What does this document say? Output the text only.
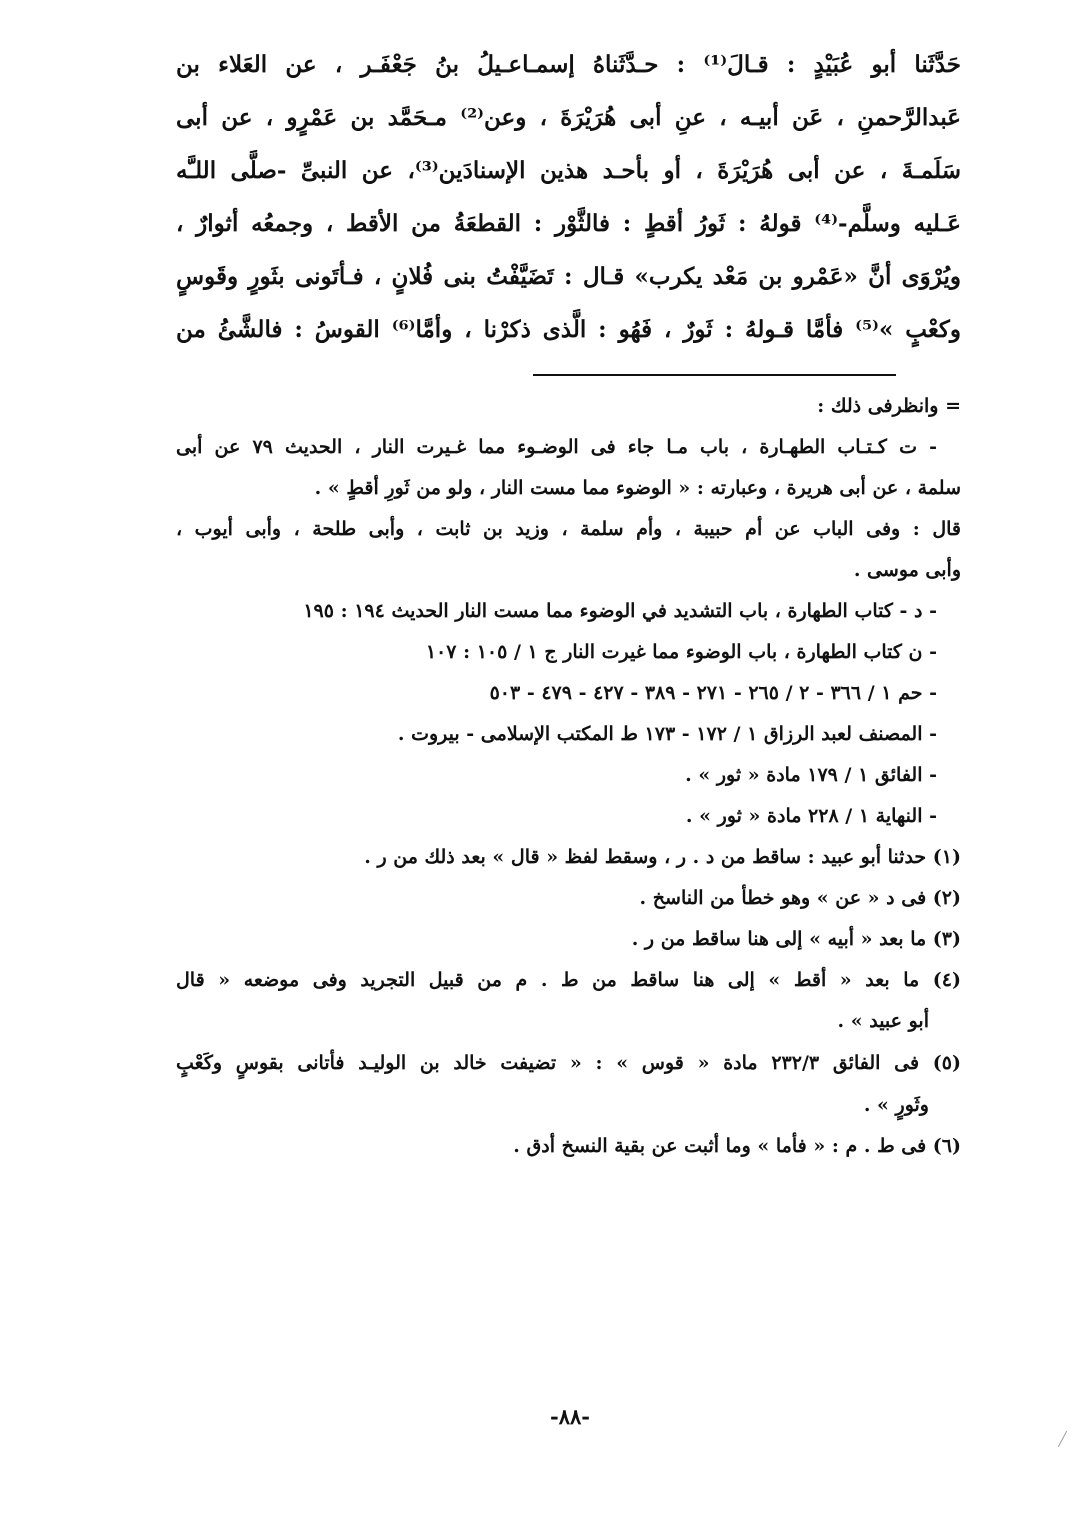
حَدَّثَنا أبو عُبَيْدٍ : قـالَ⁽¹⁾ : حـدَّثَناهُ إسمـاعـيلُ بنُ جَعْفَـر ، عن العَلاء بن
عَبدالرَّحمنِ ، عَن أبيـه ، عنِ أبى هُرَيْرَةَ ، وعن⁽²⁾ مـحَمَّد بن عَمْرٍو ، عن أبى
سَلَمـةَ ، عن أبى هُرَيْرَةَ ، أو بأحـد هذين الإسنادَين⁽³⁾، عن النبىِّ -صلَّى اللـَّه
عَـليه وسلَّم-⁽⁴⁾ قولهُ : ثَورُ أقطٍ : فالثَّوْر : القطعَةُ من الأقط ، وجمعُه أثوارٌ ،
ويُرْوَى أنَّ «عَمْرو بن مَعْد يكرب» قـال : تَضَيَّفْتُ بنى فُلانٍ ، فـأتَونى بثَورٍ وقَوسٍ
وكعْبٍ »⁽⁵⁾ فأمَّا قـولهُ : ثَورٌ ، فَهُو : الَّذى ذكرْنا ، وأمَّا⁽⁶⁾ القوسُ : فالشَّئُ من
= وانظرفى ذلك :
- ت كـتـاب الطهـارة ، باب مـا جاء فى الوضـوء مما غـيرت النار ، الحديث ٧٩ عن أبى
سلمة ، عن أبى هريرة ، وعبارته : « الوضوء مما مست النار ، ولو من ثَورِ أقطٍ » .
قال : وفى الباب عن أم حبيبة ، وأم سلمة ، وزيد بن ثابت ، وأبى طلحة ، وأبى أيوب ،
وأبى موسى .
- د - كتاب الطهارة ، باب التشديد في الوضوء مما مست النار الحديث ١٩٤ : ١٩٥
- ن كتاب الطهارة ، باب الوضوء مما غيرت النار ج ١ / ١٠٥ : ١٠٧
- حم ١ / ٣٦٦ - ٢ / ٢٦٥ - ٢٧١ - ٣٨٩ - ٤٢٧ - ٤٧٩ - ٥٠٣
- المصنف لعبد الرزاق ١ / ١٧٢ - ١٧٣ ط المكتب الإسلامى - بيروت .
- الفائق ١ / ١٧٩ مادة « ثور » .
- النهاية ١ / ٢٢٨ مادة « ثور » .
(١) حدثنا أبو عبيد : ساقط من د . ر ، وسقط لفظ « قال » بعد ذلك من ر .
(٢) فى د « عن » وهو خطأ من الناسخ .
(٣) ما بعد « أبيه » إلى هنا ساقط من ر .
(٤) ما بعد « أقط » إلى هنا ساقط من ط . م من قبيل التجريد وفى موضعه « قال
أبو عبيد » .
(٥) فى الفائق ٢٣٢/٣ مادة « قوس » : « تضيفت خالد بن الوليـد فأتانى بقوسٍ وكَعْبٍ
وثَورٍ » .
(٦) فى ط . م : « فأما » وما أثبت عن بقية النسخ أدق .
-٨٨-
